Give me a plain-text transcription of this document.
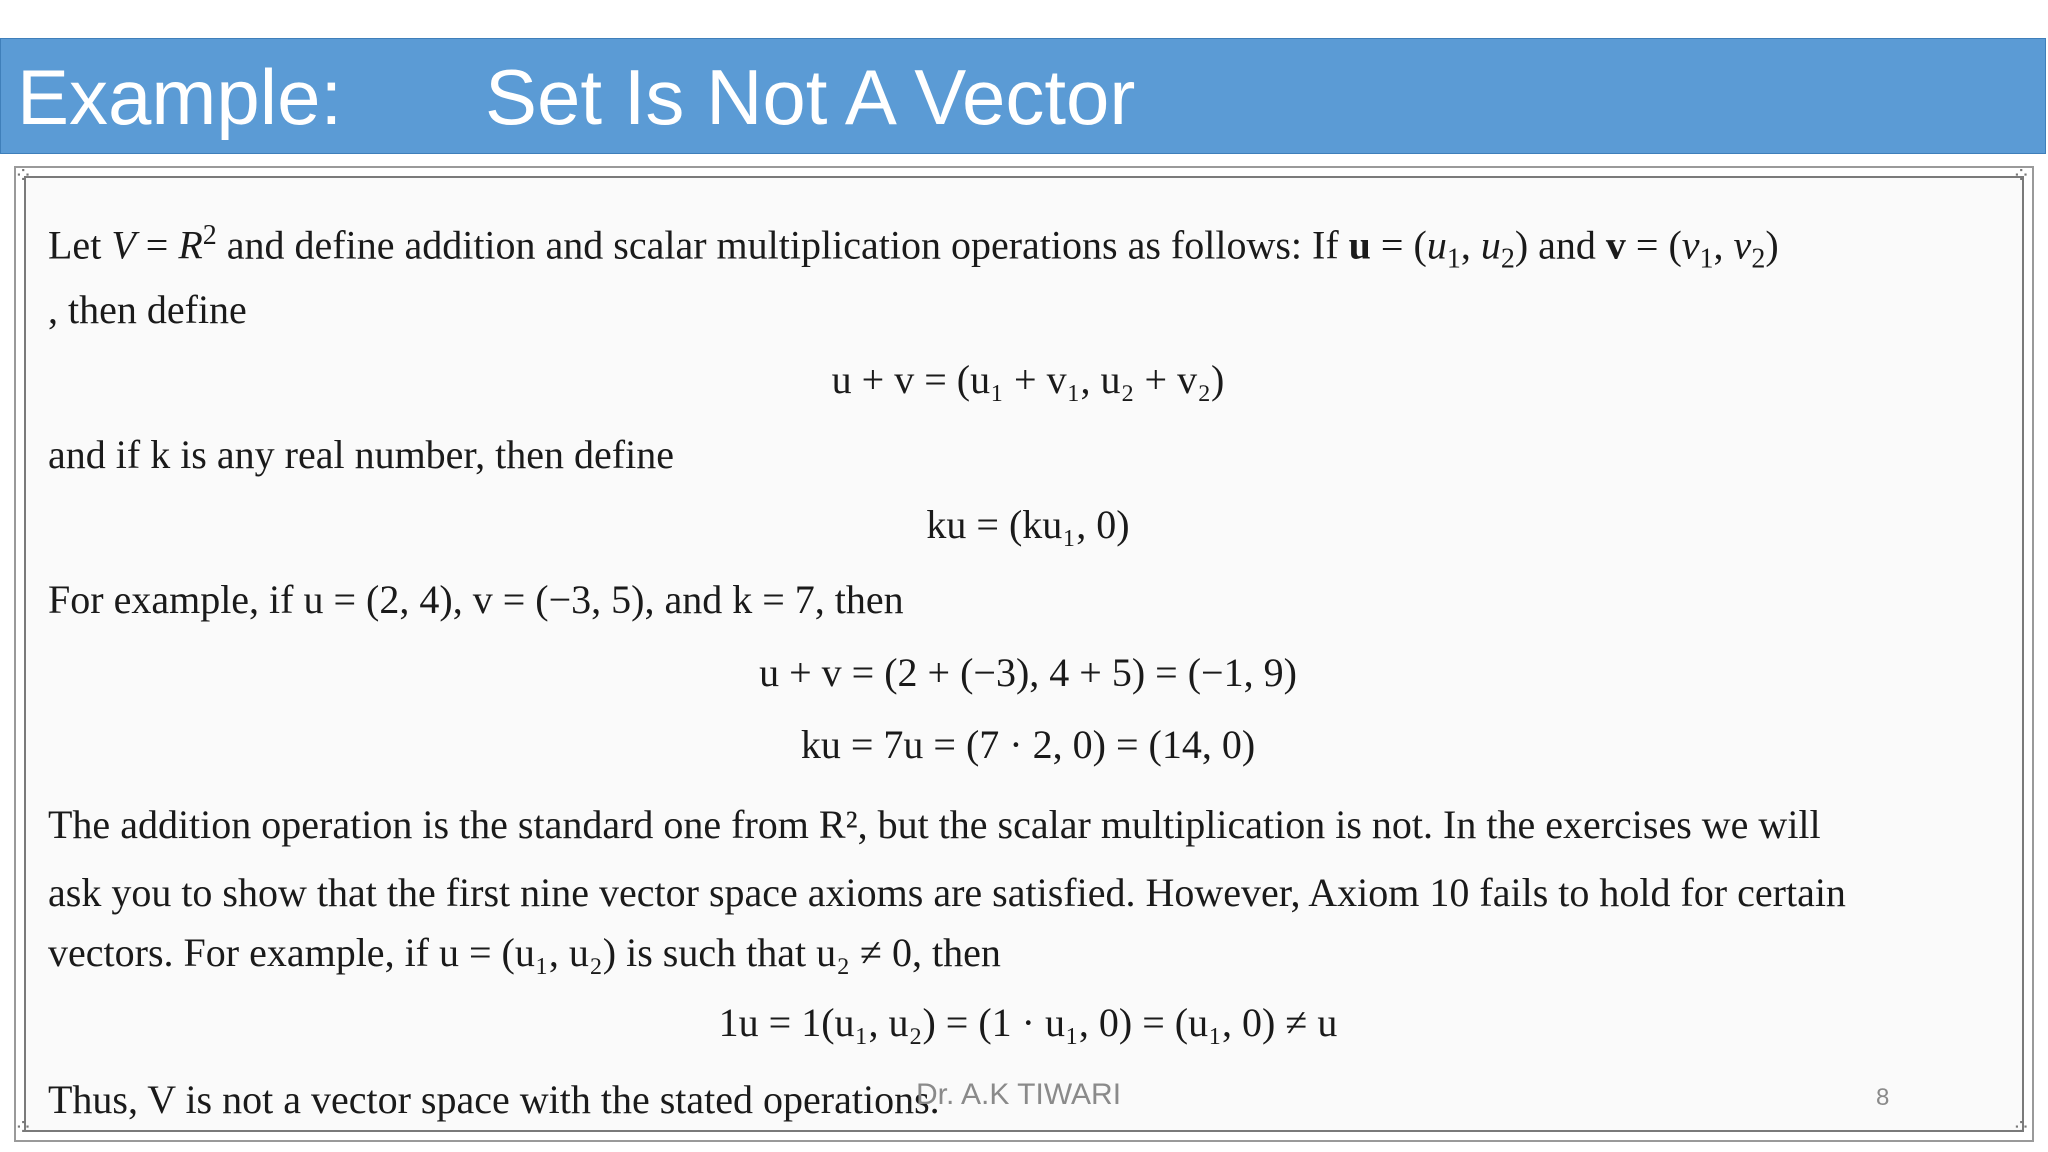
Example: Set Is Not A Vector
⁘	⁘
⁘	⁘
Let $V = R^2$ and define addition and scalar multiplication operations as follows: If $u = (u_1$, $u_2$) and $v = (v_1$, $v_2$)
, then define
u + v = (u₁ + v₁, u₂ + v₂)
and if k is any real number, then define
ku = (ku₁, 0)
For example, if u = (2, 4), v = (−3, 5), and k = 7, then
u + v = (2 + (−3), 4 + 5) = (−1, 9)
ku = 7u = (7 · 2, 0) = (14, 0)
The addition operation is the standard one from R², but the scalar multiplication is not. In the exercises we will
ask you to show that the first nine vector space axioms are satisfied. However, Axiom 10 fails to hold for certain
vectors. For example, if u = (u₁, u₂) is such that u₂ ≠ 0, then
1u = 1(u₁, u₂) = (1 · u₁, 0) = (u₁, 0) ≠ u
Thus, V is not a vector space with the stated operations.
Dr. A.K TIWARI	8
